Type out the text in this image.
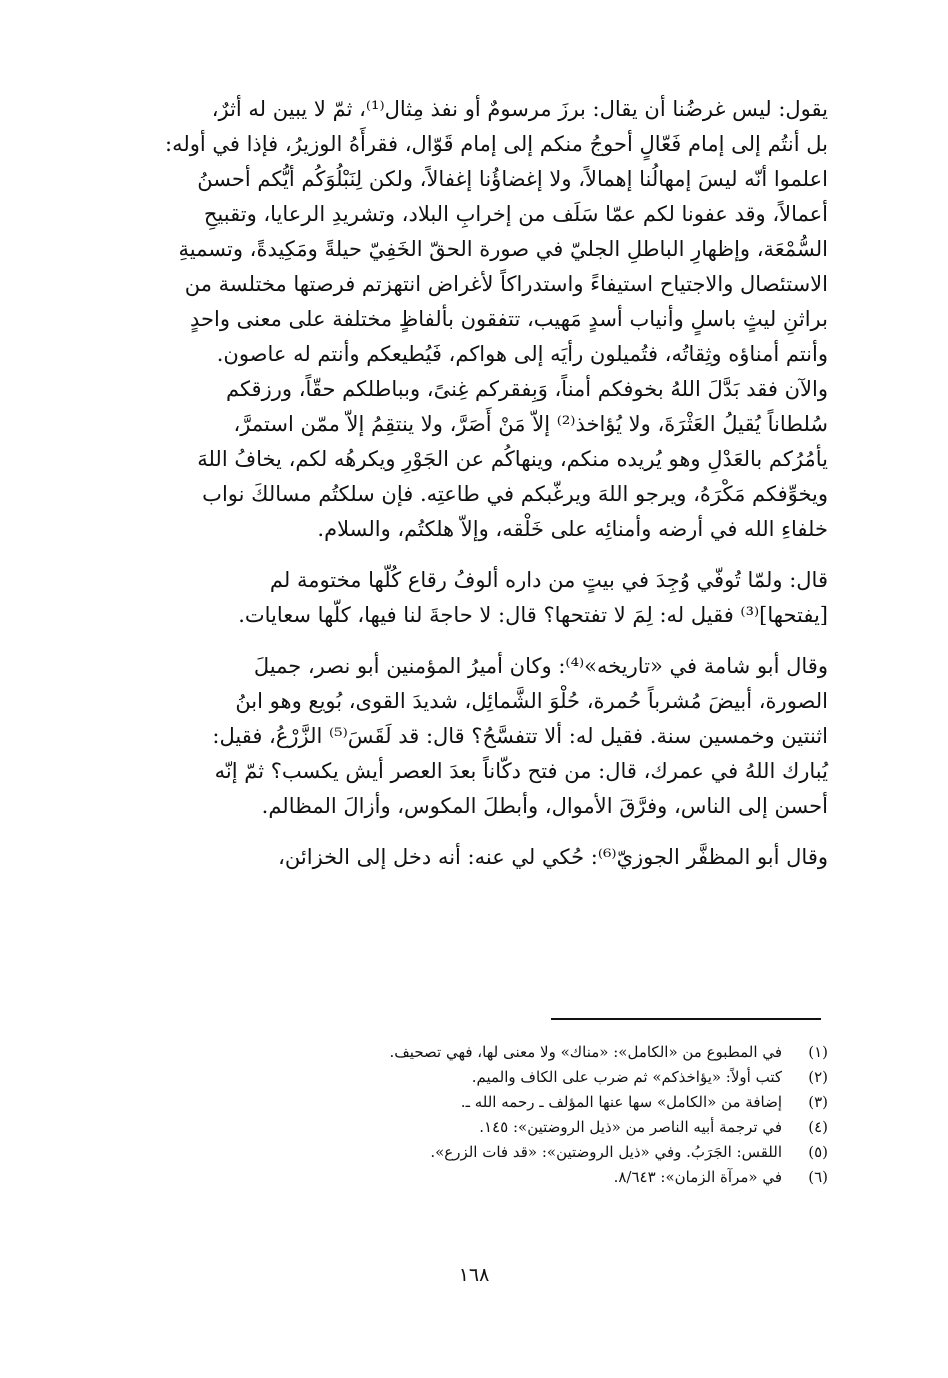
يقول: ليس غرضُنا أن يقال: برزَ مرسومٌ أو نفذ مِثال⁽¹⁾، ثمّ لا يبين له أثرٌ،
بل أنتُم إلى إمام فَعّالٍ أحوجُ منكم إلى إمام قَوّال، فقرأَهُ الوزيرُ، فإذا في أوله:
اعلموا أنّه ليسَ إمهالُنا إهمالاً، ولا إغضاؤُنا إغفالاً، ولكن لِنَبْلُوَكُم أيُّكم أحسنُ
أعمالاً، وقد عفونا لكم عمّا سَلَف من إخرابِ البلاد، وتشريدِ الرعايا، وتقبيحِ
السُّمْعَة، وإظهارِ الباطلِ الجليّ في صورة الحقّ الخَفِيّ حيلةً ومَكِيدةً، وتسميةِ
الاستئصال والاجتياح استيفاءً واستدراكاً لأغراض انتهزتم فرصتها مختلسة من
براثنِ ليثٍ باسلٍ وأنياب أسدٍ مَهيب، تتفقون بألفاظٍ مختلفة على معنى واحدٍ
وأنتم أمناؤه وثِقاتُه، فتُميلون رأيَه إلى هواكم، فَيُطيعكم وأنتم له عاصون.
والآن فقد بَدَّلَ اللهُ بخوفكم أمناً، وَبِفقركم غِنىً، وبباطلكم حقّاً، ورزقكم
سُلطاناً يُقيلُ العَثْرَةَ، ولا يُؤاخذ⁽²⁾ إلاّ مَنْ أَصَرَّ، ولا ينتقِمُ إلاّ ممّن استمرَّ،
يأمُرُكم بالعَدْلِ وهو يُريده منكم، وينهاكُم عن الجَوْرِ ويكرهُه لكم، يخافُ اللهَ
ويخوِّفكم مَكْرَهُ، ويرجو اللهَ ويرغّبكم في طاعتِه. فإن سلكتُم مسالكَ نواب
خلفاءِ الله في أرضه وأمنائِه على خَلْقه، وإلاّ هلكتُم، والسلام.
قال: ولمّا تُوفّي وُجِدَ في بيتٍ من داره ألوفُ رقاع كُلّها مختومة لم
[يفتحها]⁽³⁾ فقيل له: لِمَ لا تفتحها؟ قال: لا حاجةَ لنا فيها، كلّها سعايات.
وقال أبو شامة في «تاريخه»⁽⁴⁾: وكان أميرُ المؤمنين أبو نصر، جميلَ
الصورة، أبيضَ مُشرباً حُمرة، حُلْوَ الشَّمائِل، شديدَ القوى، بُويع وهو ابنُ
اثنتين وخمسين سنة. فقيل له: ألا تتفسَّحُ؟ قال: قد لَقَسَ⁽⁵⁾ الزَّرْعُ، فقيل:
يُبارك اللهُ في عمرك، قال: من فتح دكّاناً بعدَ العصر أيش يكسب؟ ثمّ إنّه
أحسن إلى الناس، وفرَّقَ الأموال، وأبطلَ المكوس، وأزالَ المظالم.
وقال أبو المظفَّر الجوزيّ⁽⁶⁾: حُكي لي عنه: أنه دخل إلى الخزائن،
(١)في المطبوع من «الكامل»: «مناك» ولا معنى لها، فهي تصحيف.
(٢)كتب أولاً: «يؤاخذكم» ثم ضرب على الكاف والميم.
(٣)إضافة من «الكامل» سها عنها المؤلف ـ رحمه الله ـ.
(٤)في ترجمة أبيه الناصر من «ذيل الروضتين»: ١٤٥.
(٥)اللقس: الجَرَبُ. وفي «ذيل الروضتين»: «قد فات الزرع».
(٦)في «مرآة الزمان»: ٨/٦٤٣.
١٦٨
